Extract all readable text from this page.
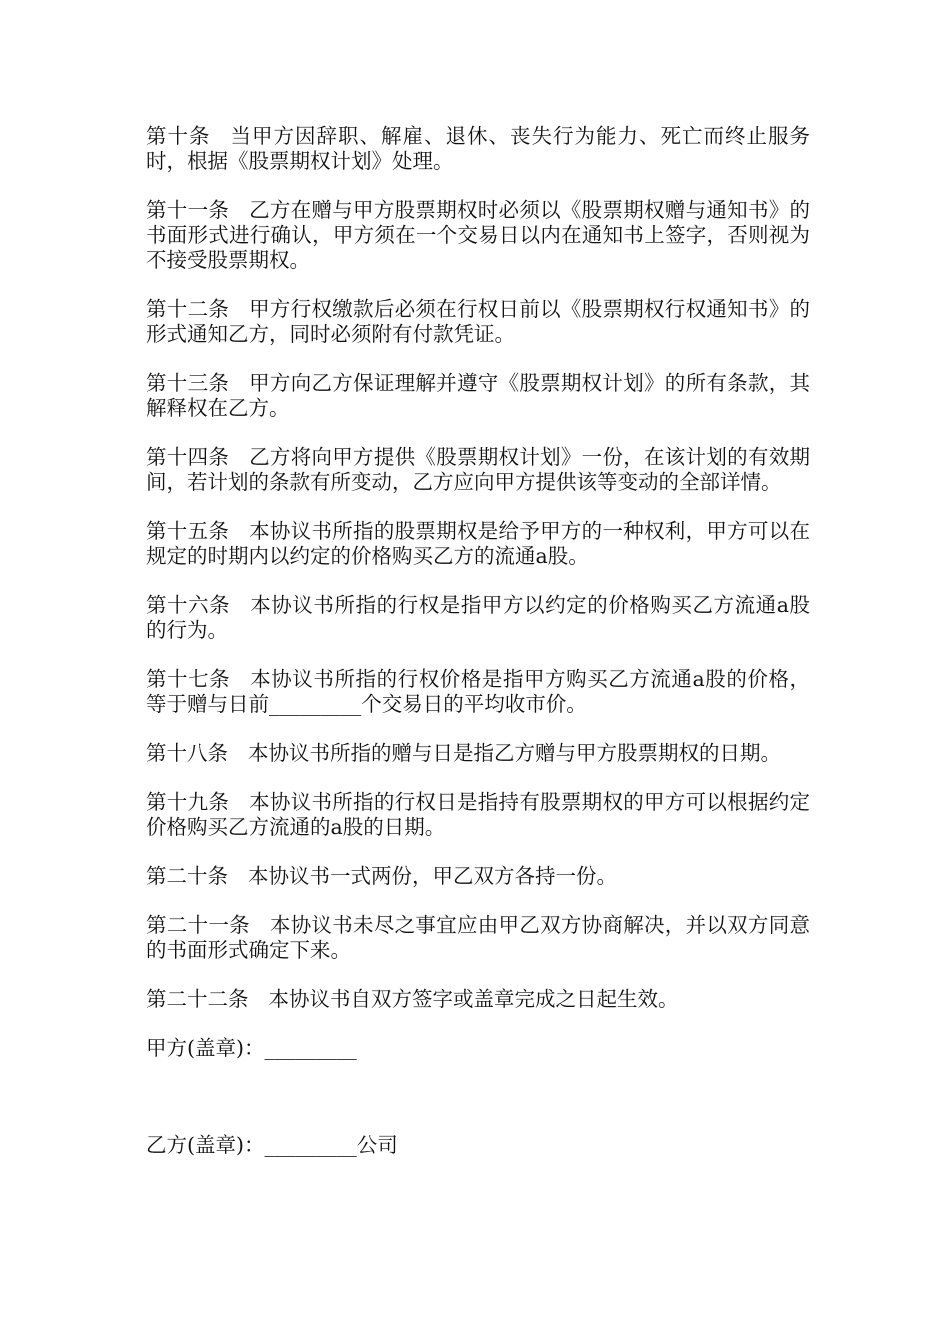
第十条 当甲方因辞职、解雇、退休、丧失行为能力、死亡而终止服务时，根据《股票期权计划》处理。

第十一条 乙方在赠与甲方股票期权时必须以《股票期权赠与通知书》的书面形式进行确认，甲方须在一个交易日以内在通知书上签字，否则视为不接受股票期权。

第十二条 甲方行权缴款后必须在行权日前以《股票期权行权通知书》的形式通知乙方，同时必须附有付款凭证。

第十三条 甲方向乙方保证理解并遵守《股票期权计划》的所有条款，其解释权在乙方。

第十四条 乙方将向甲方提供《股票期权计划》一份，在该计划的有效期间，若计划的条款有所变动，乙方应向甲方提供该等变动的全部详情。

第十五条 本协议书所指的股票期权是给予甲方的一种权利，甲方可以在规定的时期内以约定的价格购买乙方的流通a股。

第十六条 本协议书所指的行权是指甲方以约定的价格购买乙方流通a股的行为。

第十七条 本协议书所指的行权价格是指甲方购买乙方流通a股的价格，等于赠与日前_________个交易日的平均收市价。

第十八条 本协议书所指的赠与日是指乙方赠与甲方股票期权的日期。

第十九条 本协议书所指的行权日是指持有股票期权的甲方可以根据约定价格购买乙方流通的a股的日期。

第二十条 本协议书一式两份，甲乙双方各持一份。

第二十一条 本协议书未尽之事宜应由甲乙双方协商解决，并以双方同意的书面形式确定下来。

第二十二条 本协议书自双方签字或盖章完成之日起生效。

甲方(盖章)：_________

乙方(盖章)：_________公司
